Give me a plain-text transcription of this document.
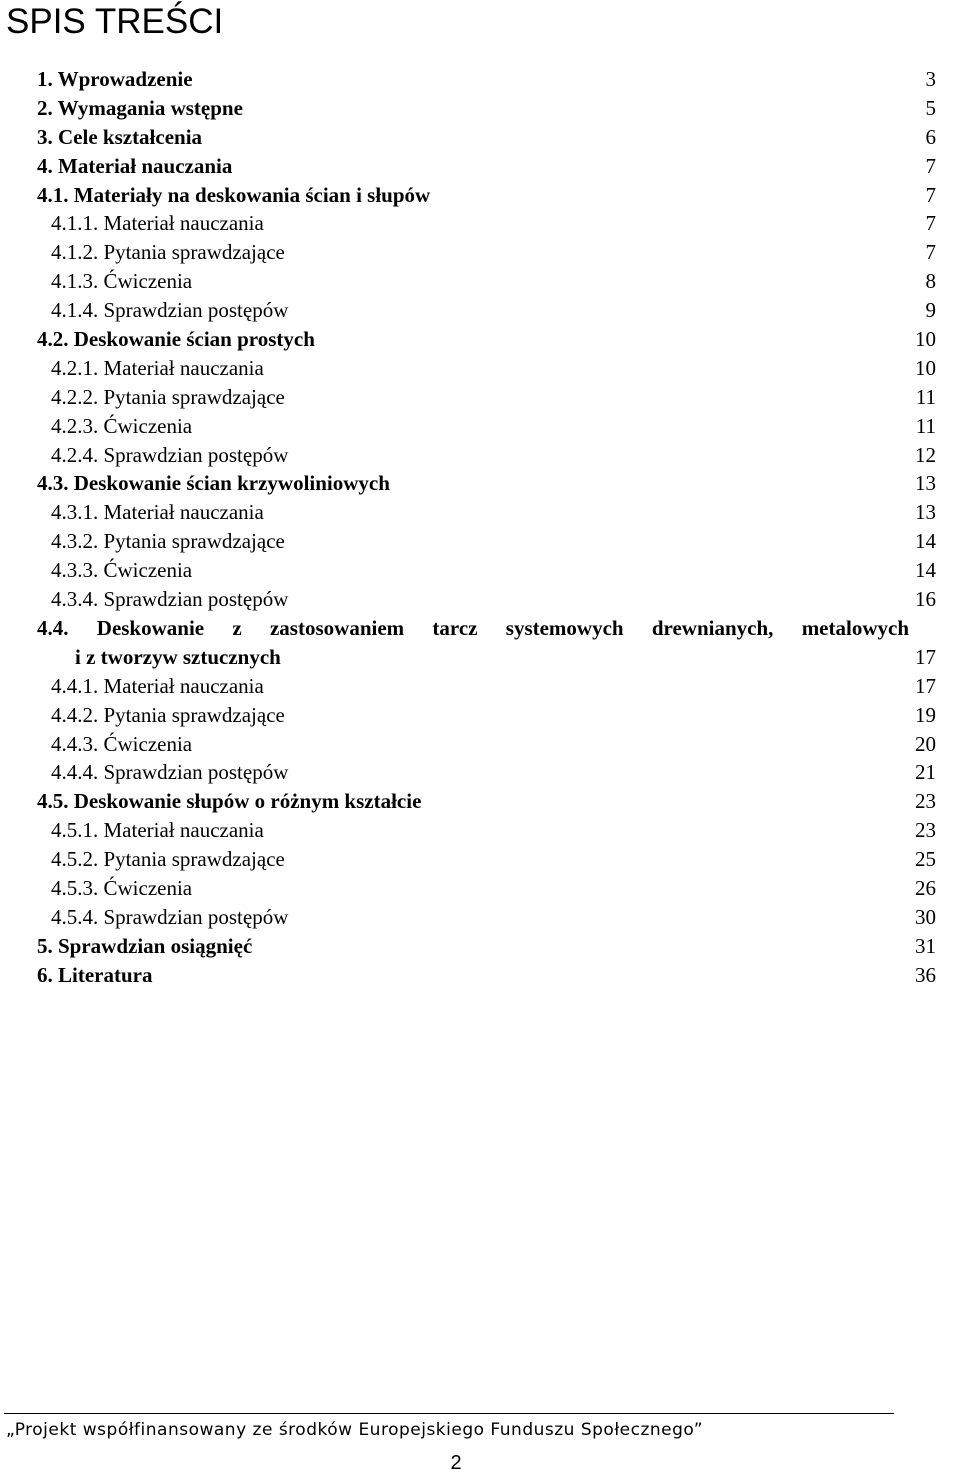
SPIS TREŚCI
1. Wprowadzenie	3
2. Wymagania wstępne	5
3. Cele kształcenia	6
4. Materiał nauczania	7
4.1. Materiały na deskowania ścian i słupów	7
4.1.1. Materiał nauczania	7
4.1.2. Pytania sprawdzające	7
4.1.3. Ćwiczenia	8
4.1.4. Sprawdzian postępów	9
4.2. Deskowanie ścian prostych	10
4.2.1. Materiał nauczania	10
4.2.2. Pytania sprawdzające	11
4.2.3. Ćwiczenia	11
4.2.4. Sprawdzian postępów	12
4.3. Deskowanie ścian krzywoliniowych	13
4.3.1. Materiał nauczania	13
4.3.2. Pytania sprawdzające	14
4.3.3. Ćwiczenia	14
4.3.4. Sprawdzian postępów	16
4.4. Deskowanie z zastosowaniem tarcz systemowych drewnianych, metalowych
i z tworzyw sztucznych	17
4.4.1. Materiał nauczania	17
4.4.2. Pytania sprawdzające	19
4.4.3. Ćwiczenia	20
4.4.4. Sprawdzian postępów	21
4.5. Deskowanie słupów o różnym kształcie	23
4.5.1. Materiał nauczania	23
4.5.2. Pytania sprawdzające	25
4.5.3. Ćwiczenia	26
4.5.4. Sprawdzian postępów	30
5. Sprawdzian osiągnięć	31
6. Literatura	36
„Projekt współfinansowany ze środków Europejskiego Funduszu Społecznego”
2
